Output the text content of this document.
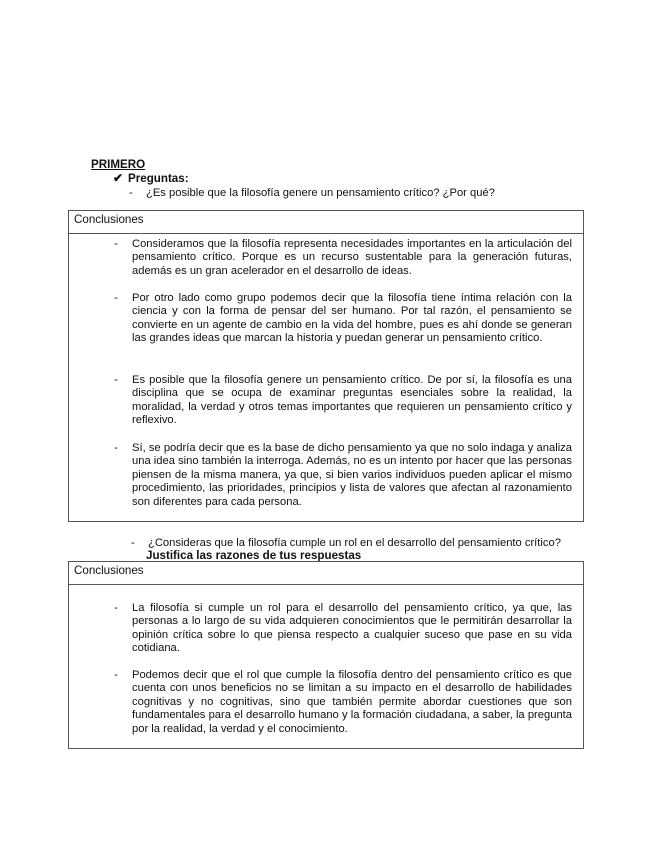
PRIMERO
✔ Preguntas:
- ¿Es posible que la filosofía genere un pensamiento crítico? ¿Por qué?
Conclusiones
- Consideramos que la filosofía representa necesidades importantes en la articulación del pensamiento crítico. Porque es un recurso sustentable para la generación futuras, además es un gran acelerador en el desarrollo de ideas.
- Por otro lado como grupo podemos decir que la filosofía tiene íntima relación con la ciencia y con la forma de pensar del ser humano. Por tal razón, el pensamiento se convierte en un agente de cambio en la vida del hombre, pues es ahí donde se generan las grandes ideas que marcan la historia y puedan generar un pensamiento crítico.
- Es posible que la filosofía genere un pensamiento crítico. De por sí, la filosofía es una disciplina que se ocupa de examinar preguntas esenciales sobre la realidad, la moralidad, la verdad y otros temas importantes que requieren un pensamiento crítico y reflexivo.
- Sí, se podría decir que es la base de dicho pensamiento ya que no solo indaga y analiza una idea sino también la interroga. Además, no es un intento por hacer que las personas piensen de la misma manera, ya que, si bien varios individuos pueden aplicar el mismo procedimiento, las prioridades, principios y lista de valores que afectan al razonamiento son diferentes para cada persona.
- ¿Consideras que la filosofía cumple un rol en el desarrollo del pensamiento crítico?
Justifica las razones de tus respuestas
Conclusiones
- La filosofía si cumple un rol para el desarrollo del pensamiento crítico, ya que, las personas a lo largo de su vida adquieren conocimientos que le permitirán desarrollar la opinión crítica sobre lo que piensa respecto a cualquier suceso que pase en su vida cotidiana.
- Podemos decir que el rol que cumple la filosofía dentro del pensamiento crítico es que cuenta con unos beneficios no se limitan a su impacto en el desarrollo de habilidades cognitivas y no cognitivas, sino que también permite abordar cuestiones que son fundamentales para el desarrollo humano y la formación ciudadana, a saber, la pregunta por la realidad, la verdad y el conocimiento.
